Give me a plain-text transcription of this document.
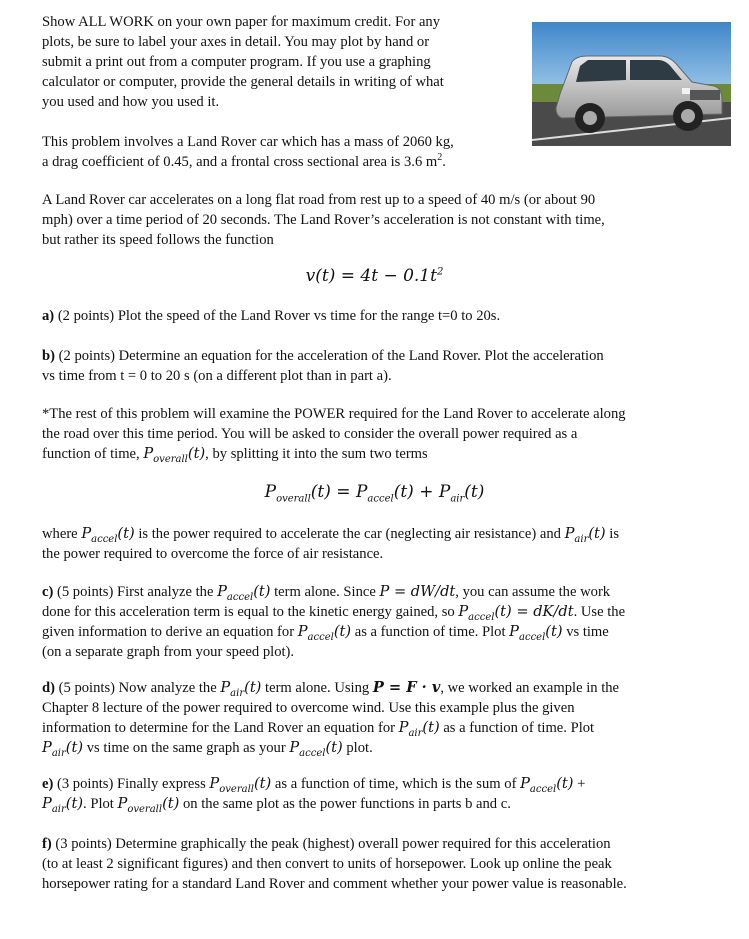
Show ALL WORK on your own paper for maximum credit. For any
plots, be sure to label your axes in detail. You may plot by hand or
submit a print out from a computer program. If you use a graphing
calculator or computer, provide the general details in writing of what
you used and how you used it.
This problem involves a Land Rover car which has a mass of 2060 kg,
a drag coefficient of 0.45, and a frontal cross sectional area is 3.6 $m^2$.
A Land Rover car accelerates on a long flat road from rest up to a speed of 40 m/s (or about 90
mph) over a time period of 20 seconds. The Land Rover’s acceleration is not constant with time,
but rather its speed follows the function
$v(t) = 4t - 0.1t^2$
a) (2 points) Plot the speed of the Land Rover vs time for the range t=0 to 20s.
b) (2 points) Determine an equation for the acceleration of the Land Rover. Plot the acceleration
vs time from t = 0 to 20 s (on a different plot than in part a).
*The rest of this problem will examine the POWER required for the Land Rover to accelerate along
the road over this time period. You will be asked to consider the overall power required as a
function of time, $P_{overall}(t)$, by splitting it into the sum two terms
$P_{overall}(t) = P_{accel}(t) + P_{air}(t)$
where $P_{accel}(t)$ is the power required to accelerate the car (neglecting air resistance) and $P_{air}(t)$ is
the power required to overcome the force of air resistance.
c) (5 points) First analyze the $P_{accel}(t)$ term alone. Since P = dW/dt, you can assume the work
done for this acceleration term is equal to the kinetic energy gained, so $P_{accel}(t) = dK/dt$. Use the
given information to derive an equation for $P_{accel}(t)$ as a function of time. Plot $P_{accel}(t)$ vs time
(on a separate graph from your speed plot).
d) (5 points) Now analyze the $P_{air}(t)$ term alone. Using P = F · v, we worked an example in the
Chapter 8 lecture of the power required to overcome wind. Use this example plus the given
information to determine for the Land Rover an equation for $P_{air}(t)$ as a function of time. Plot
$P_{air}(t)$ vs time on the same graph as your $P_{accel}(t)$ plot.
e) (3 points) Finally express $P_{overall}(t)$ as a function of time, which is the sum of $P_{accel}(t)$ +
$P_{air}(t)$. Plot $P_{overall}(t)$ on the same plot as the power functions in parts b and c.
f) (3 points) Determine graphically the peak (highest) overall power required for this acceleration
(to at least 2 significant figures) and then convert to units of horsepower. Look up online the peak
horsepower rating for a standard Land Rover and comment whether your power value is reasonable.
